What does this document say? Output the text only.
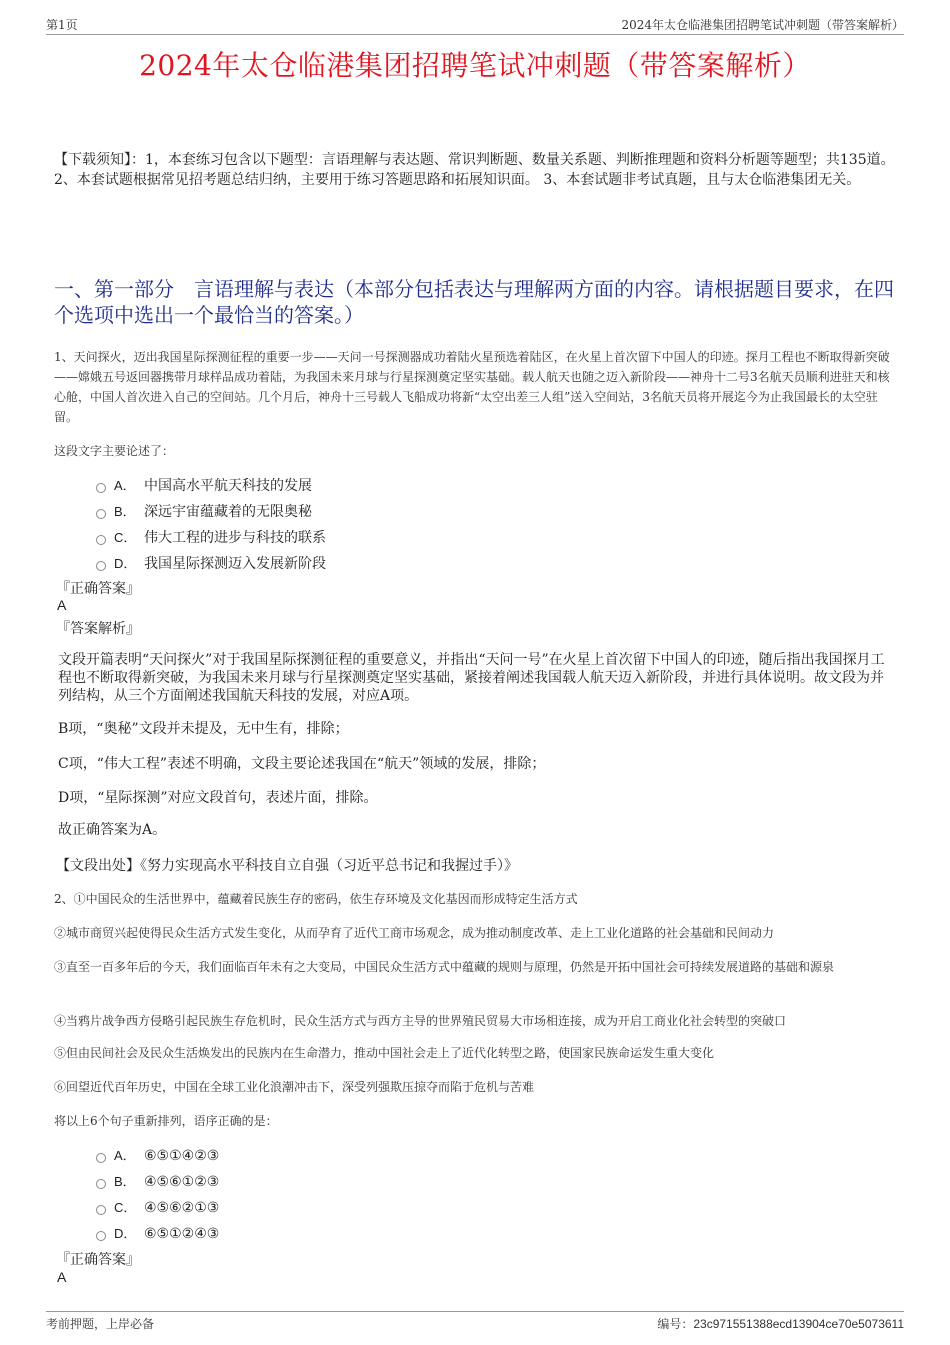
第1页	2024年太仓临港集团招聘笔试冲刺题（带答案解析）
2024年太仓临港集团招聘笔试冲刺题（带答案解析）
【下载须知】：1，本套练习包含以下题型：言语理解与表达题、常识判断题、数量关系题、判断推理题和资料分析题等题型；共135道。 2、本套试题根据常见招考题总结归纳，主要用于练习答题思路和拓展知识面。 3、本套试题非考试真题，且与太仓临港集团无关。
一、第一部分　言语理解与表达（本部分包括表达与理解两方面的内容。请根据题目要求，在四个选项中选出一个最恰当的答案。）
1、天问探火，迈出我国星际探测征程的重要一步——天问一号探测器成功着陆火星预选着陆区，在火星上首次留下中国人的印迹。探月工程也不断取得新突破——嫦娥五号返回器携带月球样品成功着陆，为我国未来月球与行星探测奠定坚实基础。载人航天也随之迈入新阶段——神舟十二号3名航天员顺利进驻天和核心舱，中国人首次进入自己的空间站。几个月后，神舟十三号载人飞船成功将新“太空出差三人组”送入空间站，3名航天员将开展迄今为止我国最长的太空驻留。
这段文字主要论述了：
A． 中国高水平航天科技的发展
B． 深远宇宙蕴藏着的无限奥秘
C． 伟大工程的进步与科技的联系
D． 我国星际探测迈入发展新阶段
『正确答案』
A
『答案解析』
文段开篇表明“天问探火”对于我国星际探测征程的重要意义，并指出“天问一号”在火星上首次留下中国人的印迹，随后指出我国探月工程也不断取得新突破，为我国未来月球与行星探测奠定坚实基础，紧接着阐述我国载人航天迈入新阶段，并进行具体说明。故文段为并列结构，从三个方面阐述我国航天科技的发展，对应A项。
B项，“奥秘”文段并未提及，无中生有，排除；
C项，“伟大工程”表述不明确，文段主要论述我国在“航天”领域的发展，排除；
D项，“星际探测”对应文段首句，表述片面，排除。
故正确答案为A。
【文段出处】《努力实现高水平科技自立自强（习近平总书记和我握过手）》
2、①中国民众的生活世界中，蕴藏着民族生存的密码，依生存环境及文化基因而形成特定生活方式
②城市商贸兴起使得民众生活方式发生变化，从而孕育了近代工商市场观念，成为推动制度改革、走上工业化道路的社会基础和民间动力
③直至一百多年后的今天，我们面临百年未有之大变局，中国民众生活方式中蕴藏的规则与原理，仍然是开拓中国社会可持续发展道路的基础和源泉
④当鸦片战争西方侵略引起民族生存危机时，民众生活方式与西方主导的世界殖民贸易大市场相连接，成为开启工商业化社会转型的突破口
⑤但由民间社会及民众生活焕发出的民族内在生命潜力，推动中国社会走上了近代化转型之路，使国家民族命运发生重大变化
⑥回望近代百年历史，中国在全球工业化浪潮冲击下，深受列强欺压掠夺而陷于危机与苦难
将以上6个句子重新排列，语序正确的是：
A． ⑥⑤①④②③
B． ④⑤⑥①②③
C． ④⑤⑥②①③
D． ⑥⑤①②④③
『正确答案』
A
考前押题，上岸必备	编号：23c971551388ecd13904ce70e5073611
